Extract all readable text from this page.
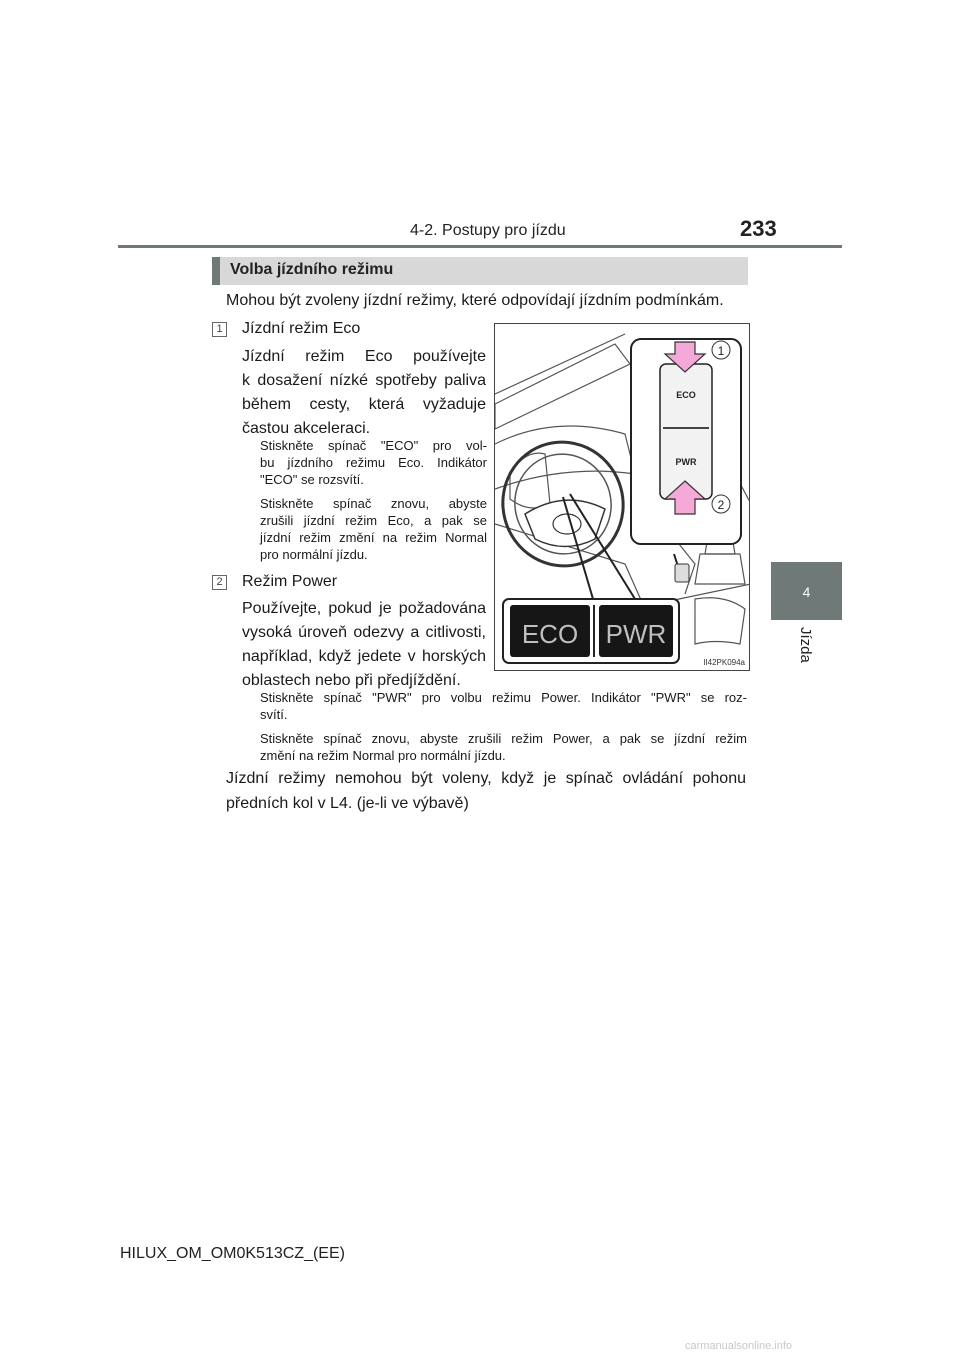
4-2. Postupy pro jízdu	233
4
Jízda
Volba jízdního režimu
Mohou být zvoleny jízdní režimy, které odpovídají jízdním podmínkám.
1 Jízdní režim Eco
Jízdní režim Eco používejte
k dosažení nízké spotřeby paliva
během cesty, která vyžaduje
častou akceleraci.
Stiskněte spínač "ECO" pro vol-
bu jízdního režimu Eco. Indikátor
"ECO" se rozsvítí.
Stiskněte spínač znovu, abyste
zrušili jízdní režim Eco, a pak se
jízdní režim změní na režim Normal
pro normální jízdu.
2 Režim Power
Používejte, pokud je požadována
vysoká úroveň odezvy a citlivosti,
například, když jedete v horských
oblastech nebo při předjíždění.
Stiskněte spínač "PWR" pro volbu režimu Power. Indikátor "PWR" se roz-
svítí.
Stiskněte spínač znovu, abyste zrušili režim Power, a pak se jízdní režim
změní na režim Normal pro normální jízdu.
Jízdní režimy nemohou být voleny, když je spínač ovládání pohonu
předních kol v L4. (je-li ve výbavě)
1
2
ECO
PWR
ECO PWR
II42PK094a
HILUX_OM_OM0K513CZ_(EE)
carmanualsonline.info
